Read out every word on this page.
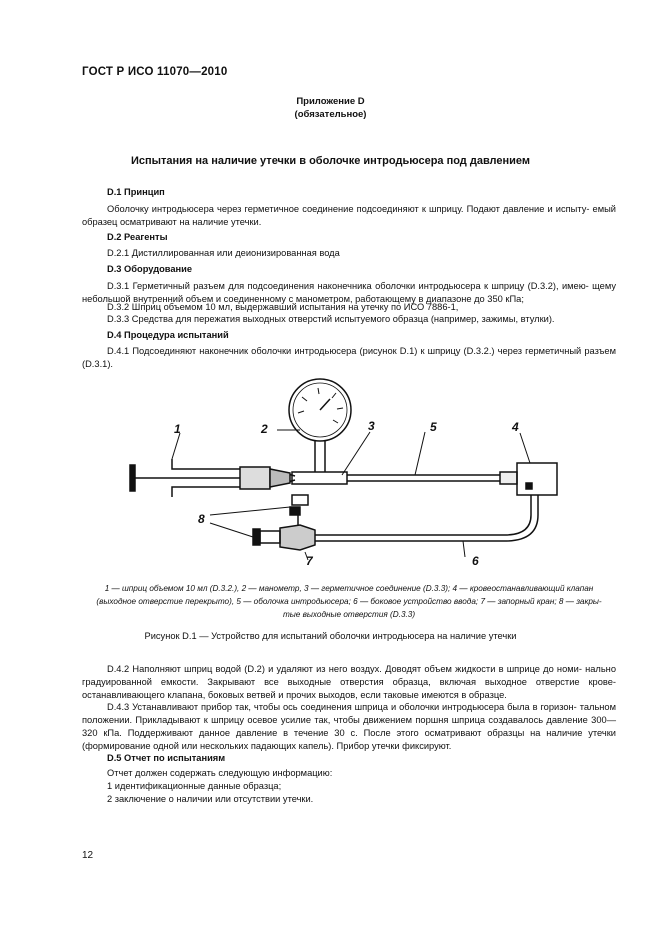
ГОСТ Р ИСО 11070—2010
Приложение D
(обязательное)
Испытания на наличие утечки в оболочке интродьюсера под давлением
D.1 Принцип
Оболочку интродьюсера через герметичное соединение подсоединяют к шприцу. Подают давление и испыту- емый образец осматривают на наличие утечки.
D.2 Реагенты
D.2.1 Дистиллированная или деионизированная вода
D.3 Оборудование
D.3.1 Герметичный разъем для подсоединения наконечника оболочки интродьюсера к шприцу (D.3.2), имею- щему небольшой внутренний объем и соединенному с манометром, работающему в диапазоне до 350 кПа;
D.3.2 Шприц объемом 10 мл, выдержавший испытания на утечку по ИСО 7886-1,
D.3.3 Средства для пережатия выходных отверстий испытуемого образца (например, зажимы, втулки).
D.4 Процедура испытаний
D.4.1 Подсоединяют наконечник оболочки интродьюсера (рисунок D.1) к шприцу (D.3.2.) через герметичный разъем (D.3.1).
1	2	3	4
5
6
7
8
1 — шприц объемом 10 мл (D.3.2.), 2 — манометр, 3 — герметичное соединение (D.3.3); 4 — кровеостанавливающий клапан
(выходное отверстие перекрыто), 5 — оболочка интродьюсера; 6 — боковое устройство ввода; 7 — запорный кран; 8 — закры-
тые выходные отверстия (D.3.3)
Рисунок D.1 — Устройство для испытаний оболочки интродьюсера на наличие утечки
D.4.2 Наполняют шприц водой (D.2) и удаляют из него воздух. Доводят объем жидкости в шприце до номи- нально градуированной емкости. Закрывают все выходные отверстия образца, включая выходное отверстие крове- останавливающего клапана, боковых ветвей и прочих выходов, если таковые имеются в образце.
D.4.3 Устанавливают прибор так, чтобы ось соединения шприца и оболочки интродьюсера была в горизон- тальном положении. Прикладывают к шприцу осевое усилие так, чтобы движением поршня шприца создавалось давление 300—320 кПа. Поддерживают данное давление в течение 30 с. После этого осматривают образцы на наличие утечки (формирование одной или нескольких падающих капель). Прибор утечки фиксируют.
D.5 Отчет по испытаниям
Отчет должен содержать следующую информацию:
1 идентификационные данные образца;
2 заключение о наличии или отсутствии утечки.
12
